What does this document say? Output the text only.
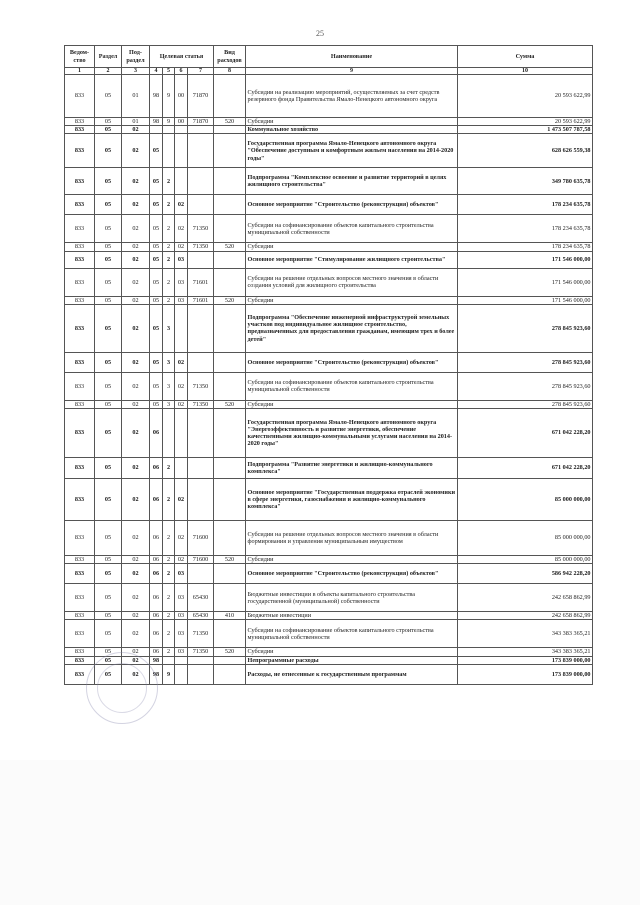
25
Ведом-ство	Раздел	Под-раздел	Целевая статья				Вид расходов	Наименование	Сумма
1	2	3	4	5	6	7	8	9	10
833	05	01	98	9	00	71870		Субсидии на реализацию мероприятий, осуществляемых за счет средств резервного фонда Правительства Ямало-Ненецкого автономного округа	20 593 622,99
833	05	01	98	9	00	71870	520	Субсидии	20 593 622,99
833	05	02						Коммунальное хозяйство	1 473 507 787,58
833	05	02	05					Государственная программа Ямало-Ненецкого автономного округа "Обеспечение доступным и комфортным жильем населения на 2014-2020 годы"	628 626 559,38
833	05	02	05	2				Подпрограмма "Комплексное освоение и развитие территорий в целях жилищного строительства"	349 780 635,78
833	05	02	05	2	02			Основное мероприятие "Строительство (реконструкция) объектов"	178 234 635,78
833	05	02	05	2	02	71350		Субсидии на софинансирование объектов капитального строительства муниципальной собственности	178 234 635,78
833	05	02	05	2	02	71350	520	Субсидии	178 234 635,78
833	05	02	05	2	03			Основное мероприятие "Стимулирование жилищного строительства"	171 546 000,00
833	05	02	05	2	03	71601		Субсидии на решение отдельных вопросов местного значения в области создания условий для жилищного строительства	171 546 000,00
833	05	02	05	2	03	71601	520	Субсидии	171 546 000,00
833	05	02	05	3				Подпрограмма "Обеспечение инженерной инфраструктурой земельных участков под индивидуальное жилищное строительство, предназначенных для предоставления гражданам, имеющим трех и более детей"	278 845 923,60
833	05	02	05	3	02			Основное мероприятие "Строительство (реконструкция) объектов"	278 845 923,60
833	05	02	05	3	02	71350		Субсидии на софинансирование объектов капитального строительства муниципальной собственности	278 845 923,60
833	05	02	05	3	02	71350	520	Субсидии	278 845 923,60
833	05	02	06					Государственная программа Ямало-Ненецкого автономного округа "Энергоэффективность и развитие энергетики, обеспечение качественными жилищно-коммунальными услугами населения на 2014-2020 годы"	671 042 228,20
833	05	02	06	2				Подпрограмма "Развитие энергетики и жилищно-коммунального комплекса"	671 042 228,20
833	05	02	06	2	02			Основное мероприятие "Государственная поддержка отраслей экономики в сфере энергетики, газоснабжения и жилищно-коммунального комплекса"	85 000 000,00
833	05	02	06	2	02	71600		Субсидии на решение отдельных вопросов местного значения в области формирования и управления муниципальным имуществом	85 000 000,00
833	05	02	06	2	02	71600	520	Субсидии	85 000 000,00
833	05	02	06	2	03			Основное мероприятие "Строительство (реконструкция) объектов"	586 942 228,20
833	05	02	06	2	03	65430		Бюджетные инвестиции в объекты капитального строительства государственной (муниципальной) собственности	242 658 862,99
833	05	02	06	2	03	65430	410	Бюджетные инвестиции	242 658 862,99
833	05	02	06	2	03	71350		Субсидии на софинансирование объектов капитального строительства муниципальной собственности	343 383 365,21
833	05	02	06	2	03	71350	520	Субсидии	343 383 365,21
833	05	02	98					Непрограммные расходы	173 839 000,00
833	05	02	98	9				Расходы, не отнесенные к государственным программам	173 839 000,00
